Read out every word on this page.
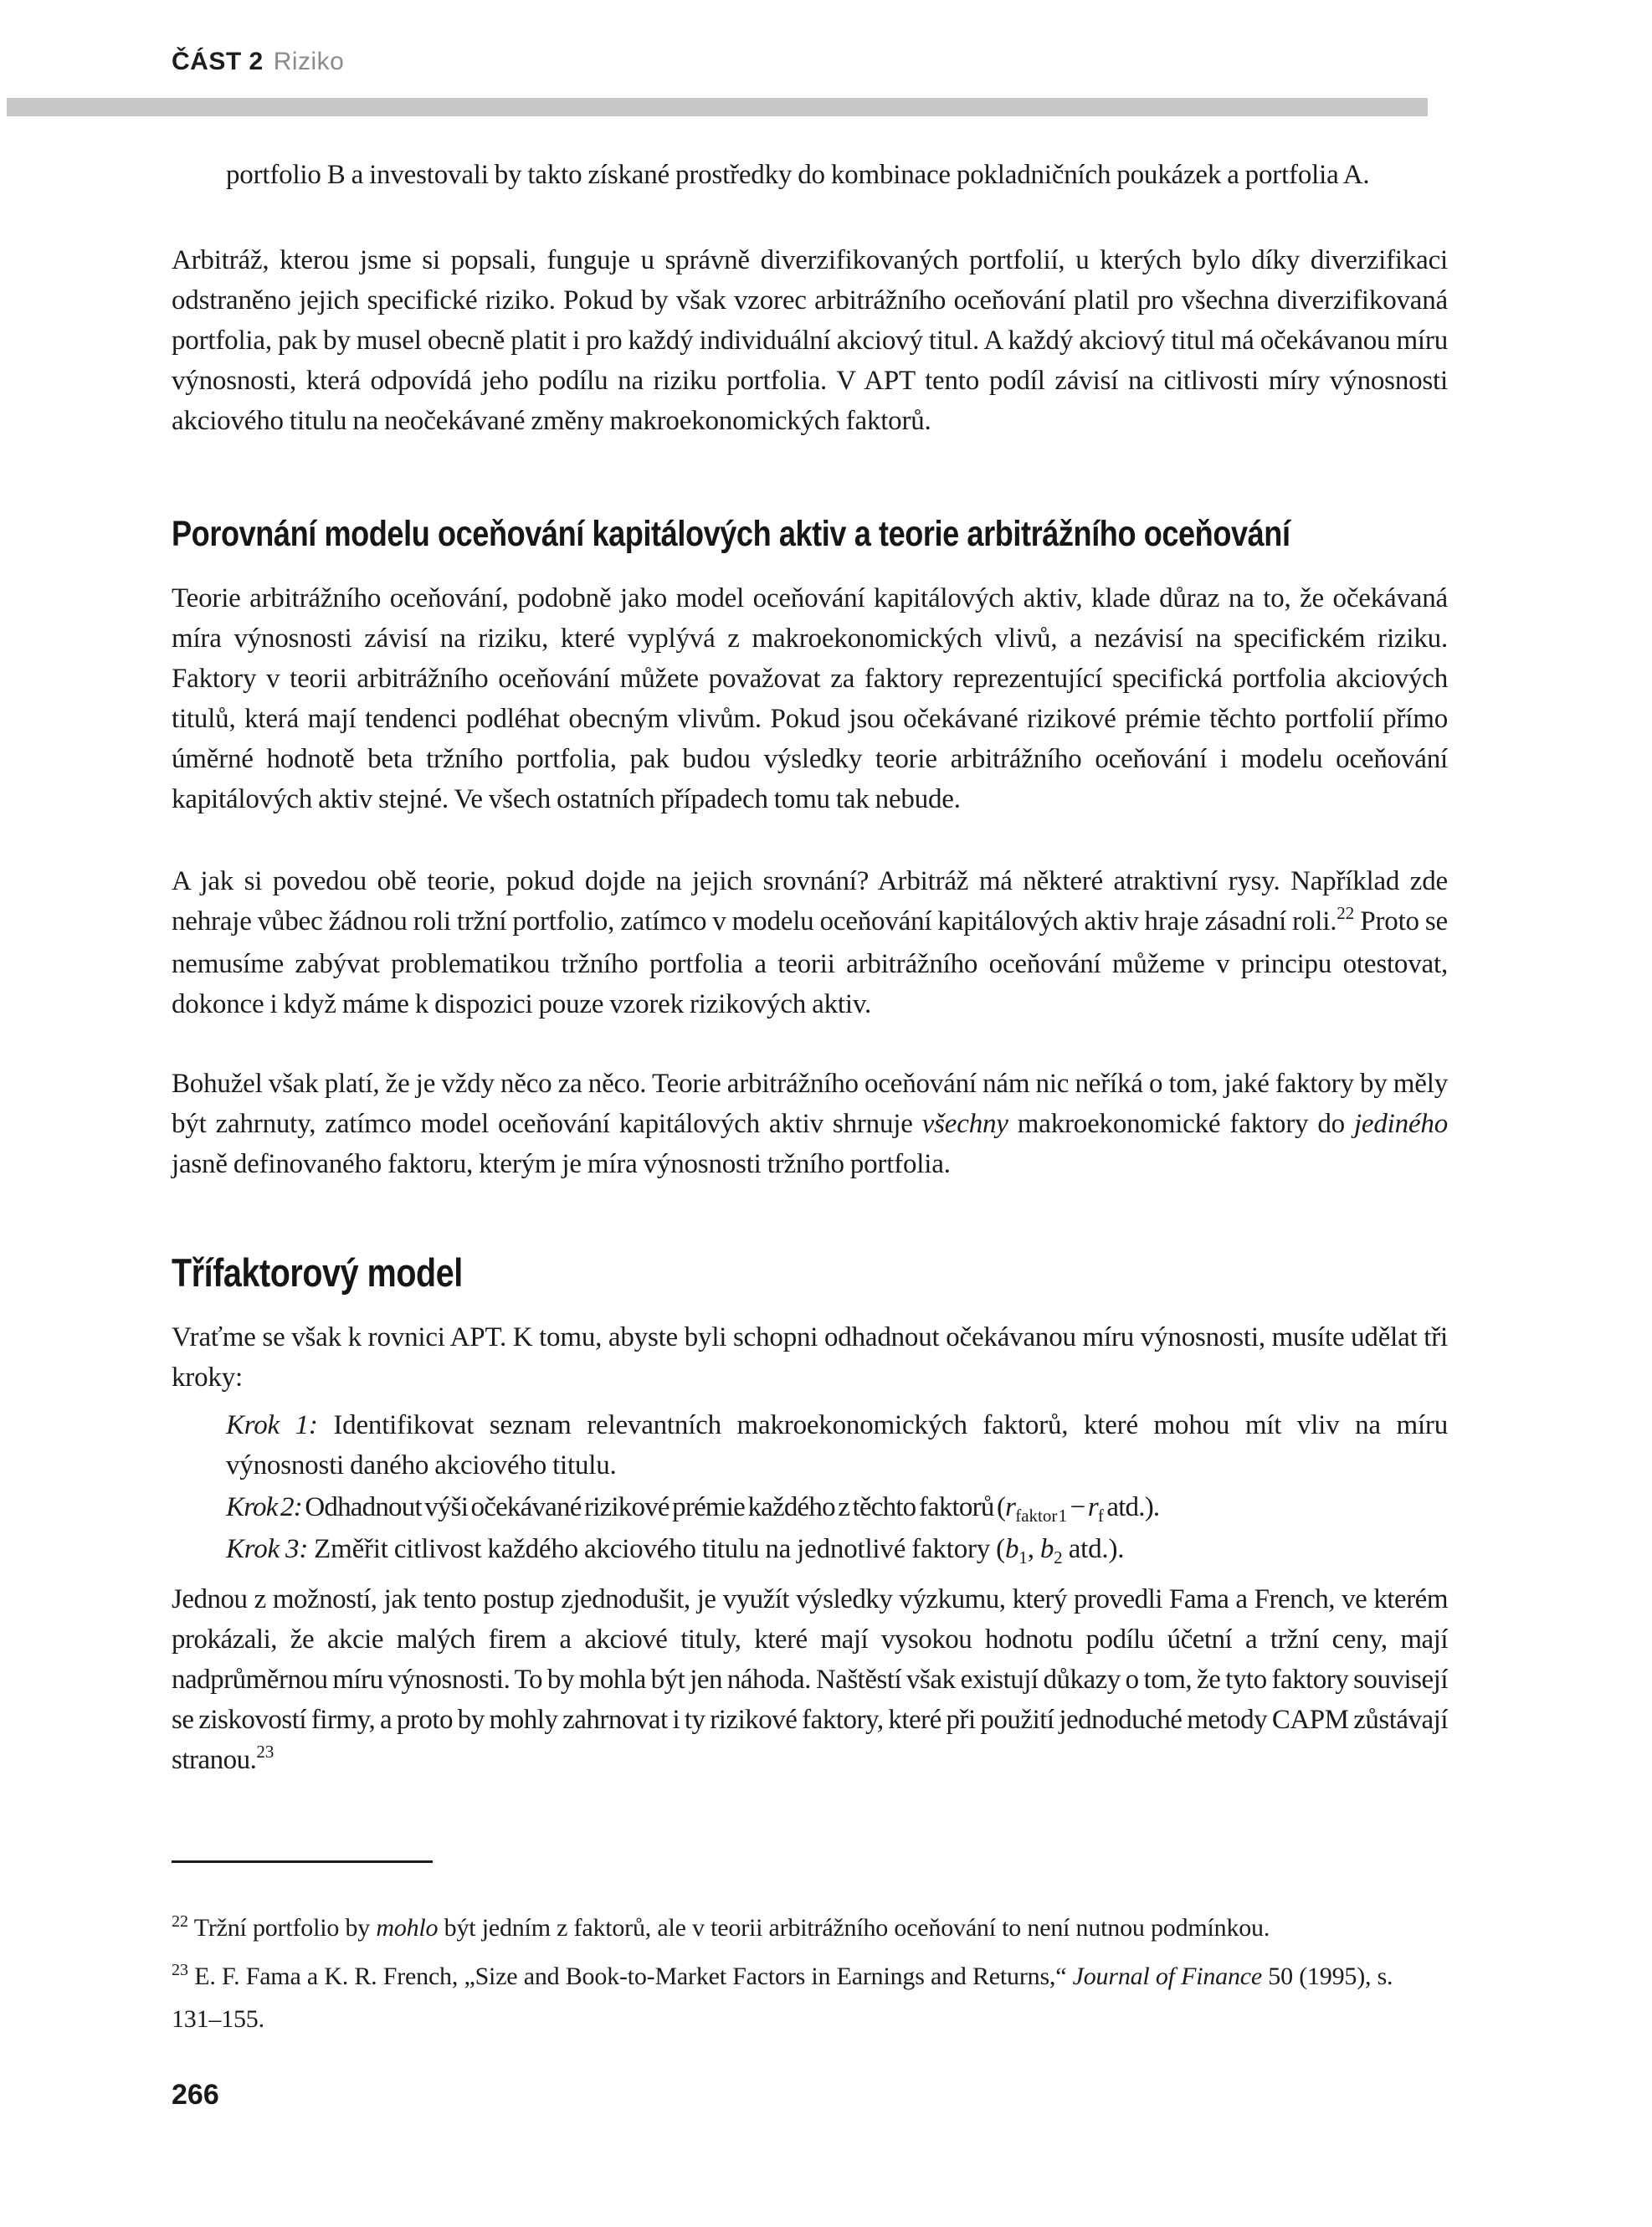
ČÁST 2 Riziko

portfolio B a investovali by takto získané prostředky do kombinace pokladničních poukázek a portfolia A.

Arbitráž, kterou jsme si popsali, funguje u správně diverzifikovaných portfolií, u kterých bylo díky diverzifikaci odstraněno jejich specifické riziko. Pokud by však vzorec arbitrážního oceňování platil pro všechna diverzifikovaná portfolia, pak by musel obecně platit i pro každý individuální akciový titul. A každý akciový titul má očekávanou míru výnosnosti, která odpovídá jeho podílu na riziku portfolia. V APT tento podíl závisí na citlivosti míry výnosnosti akciového titulu na neočekávané změny makroekonomických faktorů.

Porovnání modelu oceňování kapitálových aktiv a teorie arbitrážního oceňování

Teorie arbitrážního oceňování, podobně jako model oceňování kapitálových aktiv, klade důraz na to, že očekávaná míra výnosnosti závisí na riziku, které vyplývá z makroekonomických vlivů, a nezávisí na specifickém riziku. Faktory v teorii arbitrážního oceňování můžete považovat za faktory reprezentující specifická portfolia akciových titulů, která mají tendenci podléhat obecným vlivům. Pokud jsou očekávané rizikové prémie těchto portfolií přímo úměrné hodnotě beta tržního portfolia, pak budou výsledky teorie arbitrážního oceňování i modelu oceňování kapitálových aktiv stejné. Ve všech ostatních případech tomu tak nebude.

A jak si povedou obě teorie, pokud dojde na jejich srovnání? Arbitráž má některé atraktivní rysy. Například zde nehraje vůbec žádnou roli tržní portfolio, zatímco v modelu oceňování kapitálových aktiv hraje zásadní roli.$^{22}$ Proto se nemusíme zabývat problematikou tržního portfolia a teorii arbitrážního oceňování můžeme v principu otestovat, dokonce i když máme k dispozici pouze vzorek rizikových aktiv.

Bohužel však platí, že je vždy něco za něco. Teorie arbitrážního oceňování nám nic neříká o tom, jaké faktory by měly být zahrnuty, zatímco model oceňování kapitálových aktiv shrnuje všechny makroekonomické faktory do jediného jasně definovaného faktoru, kterým je míra výnosnosti tržního portfolia.

Třífaktorový model

Vraťme se však k rovnici APT. K tomu, abyste byli schopni odhadnout očekávanou míru výnosnosti, musíte udělat tři kroky:

Krok 1: Identifikovat seznam relevantních makroekonomických faktorů, které mohou mít vliv na míru výnosnosti daného akciového titulu.

Krok 2: Odhadnout výši očekávané rizikové prémie každého z těchto faktorů ($r_{faktor 1} - r_f$ atd.).

Krok 3: Změřit citlivost každého akciového titulu na jednotlivé faktory ($b_1$, $b_2$ atd.).

Jednou z možností, jak tento postup zjednodušit, je využít výsledky výzkumu, který provedli Fama a French, ve kterém prokázali, že akcie malých firem a akciové tituly, které mají vysokou hodnotu podílu účetní a tržní ceny, mají nadprůměrnou míru výnosnosti. To by mohla být jen náhoda. Naštěstí však existují důkazy o tom, že tyto faktory souvisejí se ziskovostí firmy, a proto by mohly zahrnovat i ty rizikové faktory, které při použití jednoduché metody CAPM zůstávají stranou.$^{23}$

$^{22}$ Tržní portfolio by mohlo být jedním z faktorů, ale v teorii arbitrážního oceňování to není nutnou podmínkou.

$^{23}$ E. F. Fama a K. R. French, „Size and Book-to-Market Factors in Earnings and Returns,“ Journal of Finance 50 (1995), s. 131–155.

266
